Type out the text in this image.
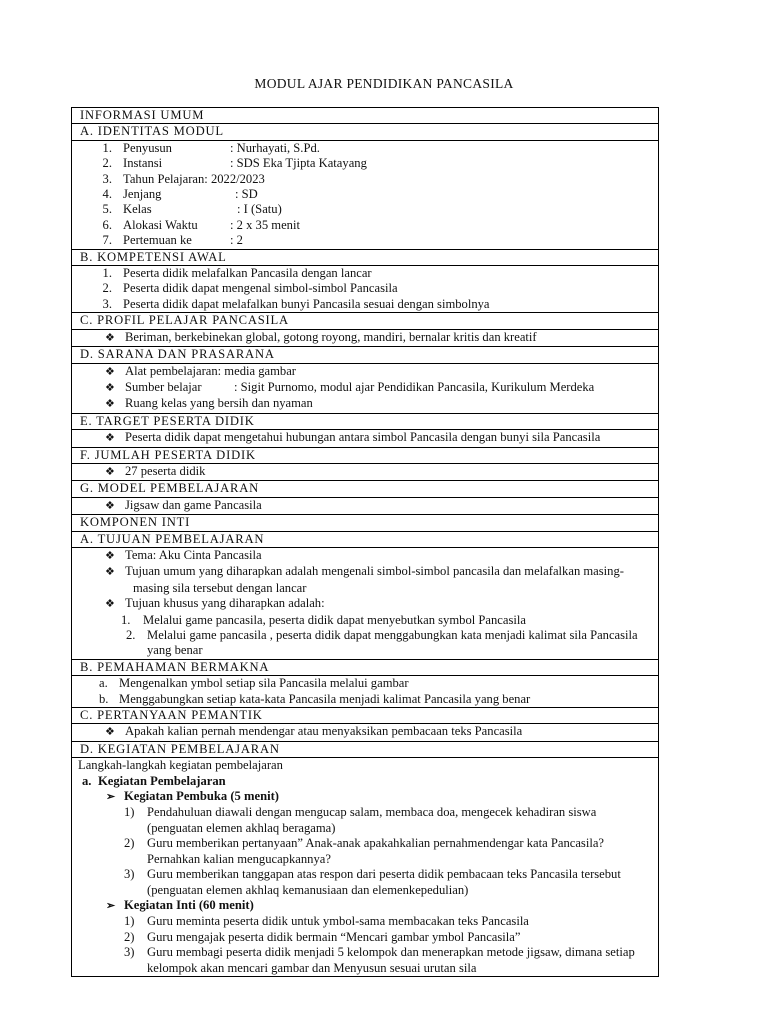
MODUL AJAR PENDIDIKAN PANCASILA
INFORMASI UMUM
A. IDENTITAS MODUL

1. Penyusun	: Nurhayati, S.Pd.
2. Instansi	: SDS Eka Tjipta Katayang
3. Tahun Pelajaran: 2022/2023
4. Jenjang	: SD
5. Kelas	: I (Satu)
6. Alokasi Waktu	: 2 x 35 menit
7. Pertemuan ke	: 2

B. KOMPETENSI AWAL

1. Peserta didik melafalkan Pancasila dengan lancar
2. Peserta didik dapat mengenal simbol-simbol Pancasila
3. Peserta didik dapat melafalkan bunyi Pancasila sesuai dengan simbolnya

C. PROFIL PELAJAR PANCASILA

❖ Beriman, berkebinekan global, gotong royong, mandiri, bernalar kritis dan kreatif

D. SARANA DAN PRASARANA

❖ Alat pembelajaran: media gambar
❖ Sumber belajar	: Sigit Purnomo, modul ajar Pendidikan Pancasila, Kurikulum Merdeka
❖ Ruang kelas yang bersih dan nyaman

E. TARGET PESERTA DIDIK

❖ Peserta didik dapat mengetahui hubungan antara simbol Pancasila dengan bunyi sila Pancasila

F. JUMLAH PESERTA DIDIK

❖ 27 peserta didik

G. MODEL PEMBELAJARAN

❖ Jigsaw dan game Pancasila

KOMPONEN INTI
A. TUJUAN PEMBELAJARAN

❖ Tema: Aku Cinta Pancasila
❖ Tujuan umum yang diharapkan adalah mengenali simbol-simbol pancasila dan melafalkan masing-masing sila tersebut dengan lancar
❖ Tujuan khusus yang diharapkan adalah:
1. Melalui game pancasila, peserta didik dapat menyebutkan symbol Pancasila
2. Melalui game pancasila , peserta didik dapat menggabungkan kata menjadi kalimat sila Pancasila yang benar

B. PEMAHAMAN BERMAKNA

a. Mengenalkan ymbol setiap sila Pancasila melalui gambar
b. Menggabungkan setiap kata-kata Pancasila menjadi kalimat Pancasila yang benar

C. PERTANYAAN PEMANTIK

❖ Apakah kalian pernah mendengar atau menyaksikan pembacaan teks Pancasila

D. KEGIATAN PEMBELAJARAN

Langkah-langkah kegiatan pembelajaran
a. Kegiatan Pembelajaran
➢ Kegiatan Pembuka (5 menit)
1) Pendahuluan diawali dengan mengucap salam, membaca doa, mengecek kehadiran siswa (penguatan elemen akhlaq beragama)
2) Guru memberikan pertanyaan” Anak-anak apakahkalian pernahmendengar kata Pancasila? Pernahkan kalian mengucapkannya?
3) Guru memberikan tanggapan atas respon dari peserta didik pembacaan teks Pancasila tersebut (penguatan elemen akhlaq kemanusiaan dan elemenkepedulian)
➢ Kegiatan Inti (60 menit)
1) Guru meminta peserta didik untuk ymbol-sama membacakan teks Pancasila
2) Guru mengajak peserta didik bermain “Mencari gambar ymbol Pancasila”
3) Guru membagi peserta didik menjadi 5 kelompok dan menerapkan metode jigsaw, dimana setiap kelompok akan mencari gambar dan Menyusun sesuai urutan sila
